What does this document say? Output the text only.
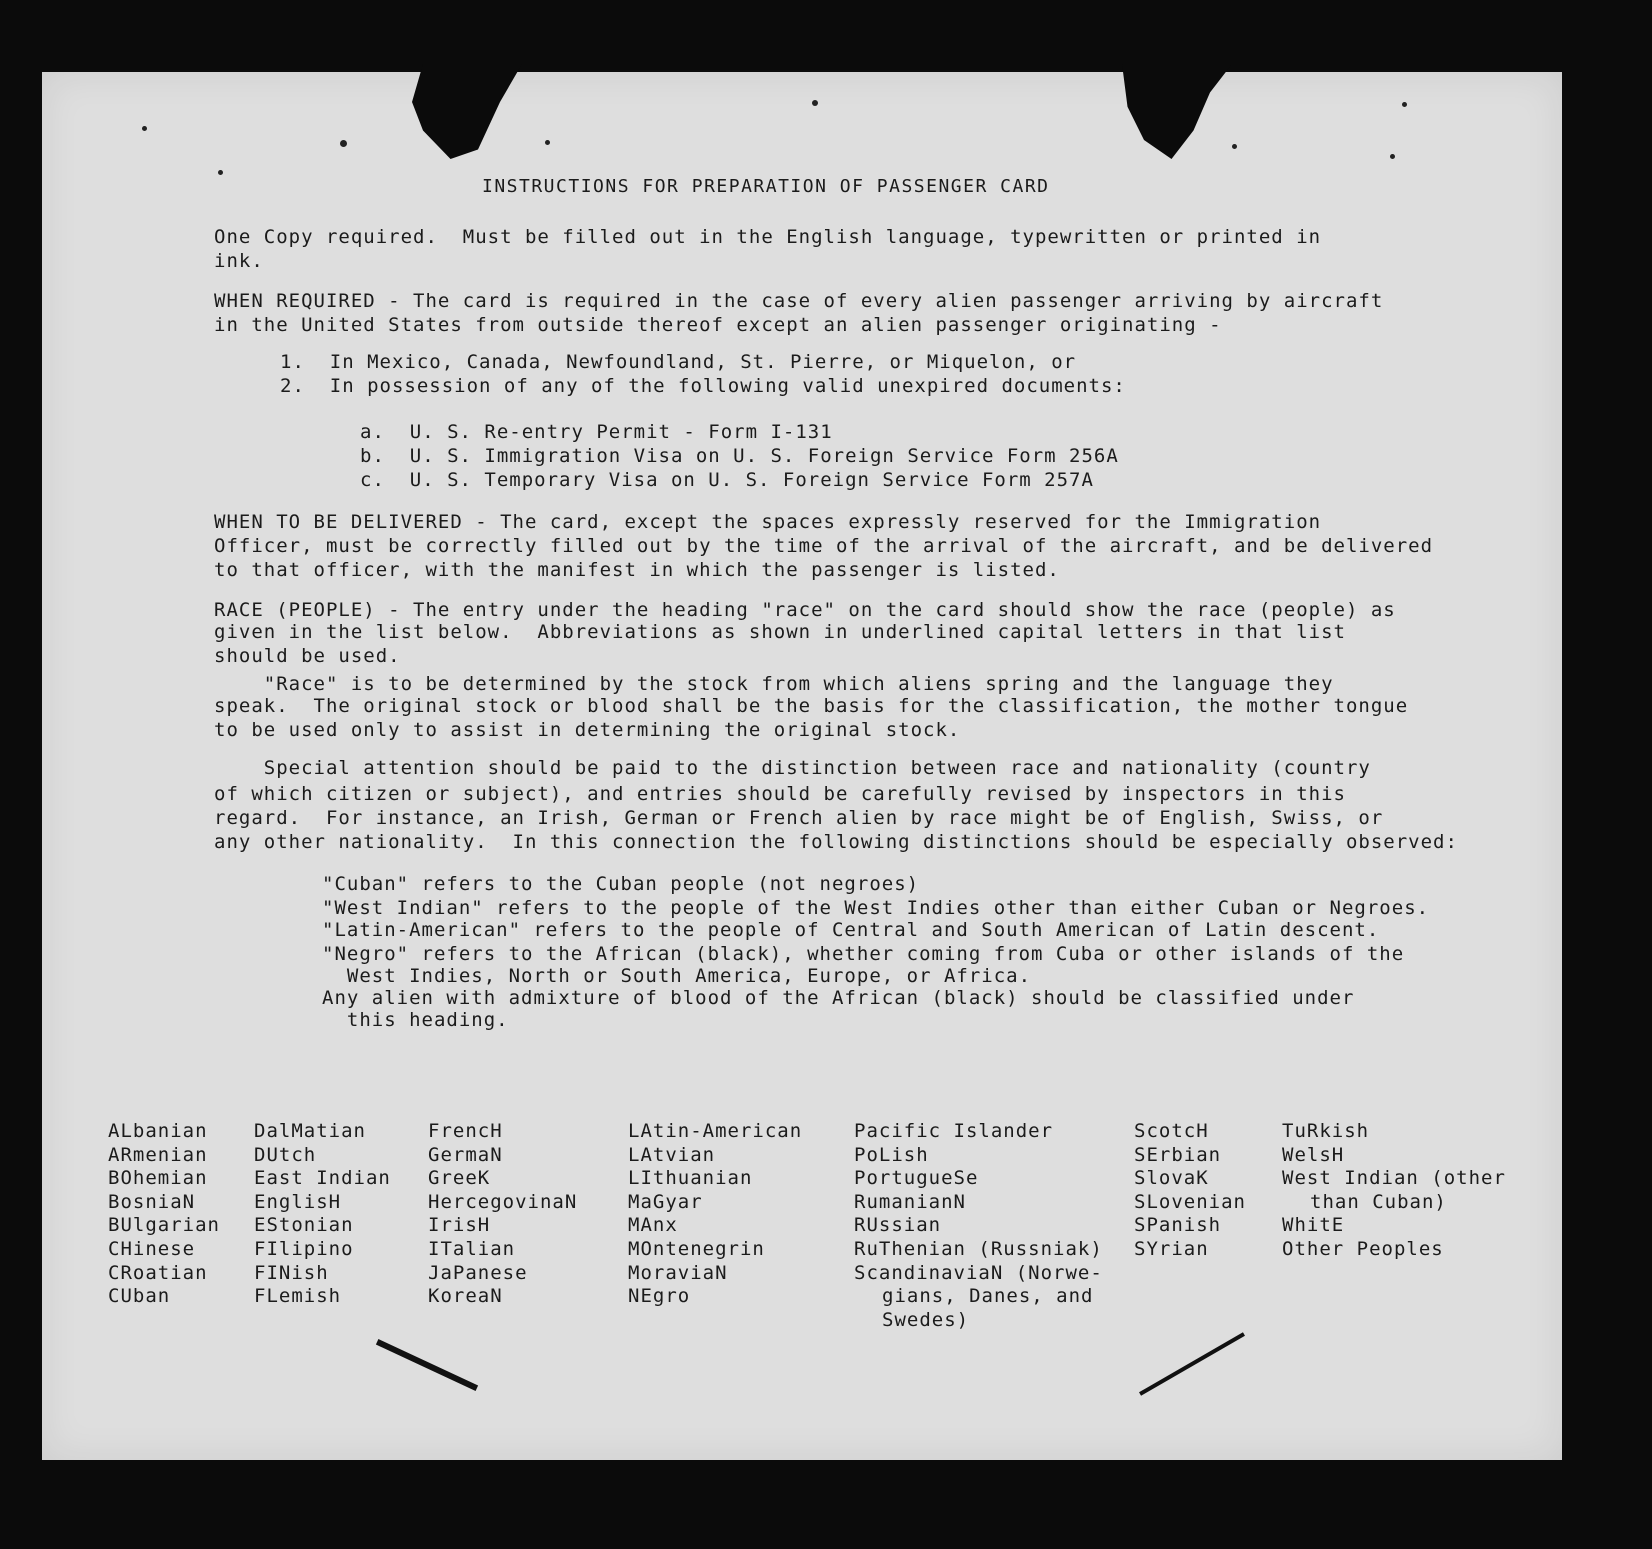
INSTRUCTIONS FOR PREPARATION OF PASSENGER CARD
One Copy required.  Must be filled out in the English language, typewritten or printed in
ink.
WHEN REQUIRED - The card is required in the case of every alien passenger arriving by aircraft
in the United States from outside thereof except an alien passenger originating -
1.  In Mexico, Canada, Newfoundland, St. Pierre, or Miquelon, or
2.  In possession of any of the following valid unexpired documents:
a.  U. S. Re-entry Permit - Form I-131
b.  U. S. Immigration Visa on U. S. Foreign Service Form 256A
c.  U. S. Temporary Visa on U. S. Foreign Service Form 257A
WHEN TO BE DELIVERED - The card, except the spaces expressly reserved for the Immigration
Officer, must be correctly filled out by the time of the arrival of the aircraft, and be delivered
to that officer, with the manifest in which the passenger is listed.
RACE (PEOPLE) - The entry under the heading "race" on the card should show the race (people) as
given in the list below.  Abbreviations as shown in underlined capital letters in that list
should be used.
"Race" is to be determined by the stock from which aliens spring and the language they
speak.  The original stock or blood shall be the basis for the classification, the mother tongue
to be used only to assist in determining the original stock.
Special attention should be paid to the distinction between race and nationality (country
of which citizen or subject), and entries should be carefully revised by inspectors in this
regard.  For instance, an Irish, German or French alien by race might be of English, Swiss, or
any other nationality.  In this connection the following distinctions should be especially observed:
"Cuban" refers to the Cuban people (not negroes)
"West Indian" refers to the people of the West Indies other than either Cuban or Negroes.
"Latin-American" refers to the people of Central and South American of Latin descent.
"Negro" refers to the African (black), whether coming from Cuba or other islands of the
West Indies, North or South America, Europe, or Africa.
Any alien with admixture of blood of the African (black) should be classified under
this heading.
ALbanian
ARmenian
BOhemian
BosniaN
BUlgarian
CHinese
CRoatian
CUban
DalMatian
DUtch
East Indian
EnglisH
EStonian
FIlipino
FINish
FLemish
FrencH
GermaN
GreeK
HercegovinaN
IrisH
ITalian
JaPanese
KoreaN
LAtin-American
LAtvian
LIthuanian
MaGyar
MAnx
MOntenegrin
MoraviaN
NEgro
Pacific Islander
PoLish
PortugueSe
RumanianN
RUssian
RuThenian (Russniak)
ScandinaviaN (Norwe-
gians, Danes, and
Swedes)
ScotcH
SErbian
SlovaK
SLovenian
SPanish
SYrian
TuRkish
WelsH
West Indian (other
than Cuban)
WhitE
Other Peoples
